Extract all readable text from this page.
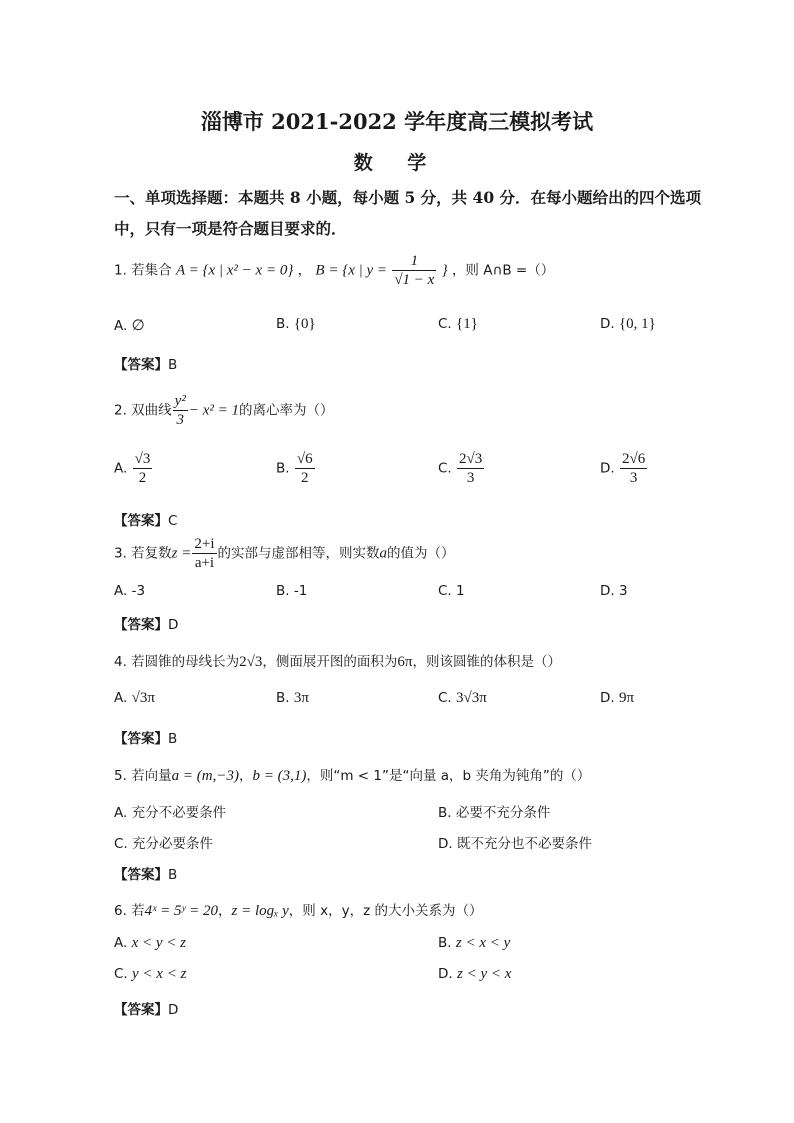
淄博市 2021-2022 学年度高三模拟考试
数 学
一、单项选择题：本题共 8 小题，每小题 5 分，共 40 分．在每小题给出的四个选项
中，只有一项是符合题目要求的．
1. 若集合 A = {x | x² − x = 0} ， B = {x | $y = \frac{1}{√1 - x}$ } ，则 A∩B =（）
A. ∅	B. {0}	C. {1}	D. {0, 1}
【答案】B
2. 双曲线 $\frac{\text{y²}}{3} - x^2 = 1$的离心率为（）
A. $\frac{√3}{2}$	B. $\frac{√6}{2}$	C. $\frac{2√3}{3}$	D. $\frac{2√6}{3}$
【答案】C
3. 若复数$z = \frac{2+i}{a+i}$ 的实部与虚部相等，则实数a的值为（）
A. -3	B. -1	C. 1	D. 3
【答案】D
4. 若圆锥的母线长为2√3，侧面展开图的面积为6π，则该圆锥的体积是（）
A. √3π	B. 3π	C. 3√3π	D. 9π
【答案】B
5. 若向量a = (m,−3)，b = (3,1)，则“m < 1”是“向量 a，b 夹角为钝角”的（）
A. 充分不必要条件	B. 必要不充分条件
C. 充分必要条件	D. 既不充分也不必要条件
【答案】B
6. 若4ˣ = 5ʸ = 20，z = logₓ y，则 x，y，z 的大小关系为（）
A. x < y < z	B. z < x < y
C. y < x < z	D. z < y < x
【答案】D
